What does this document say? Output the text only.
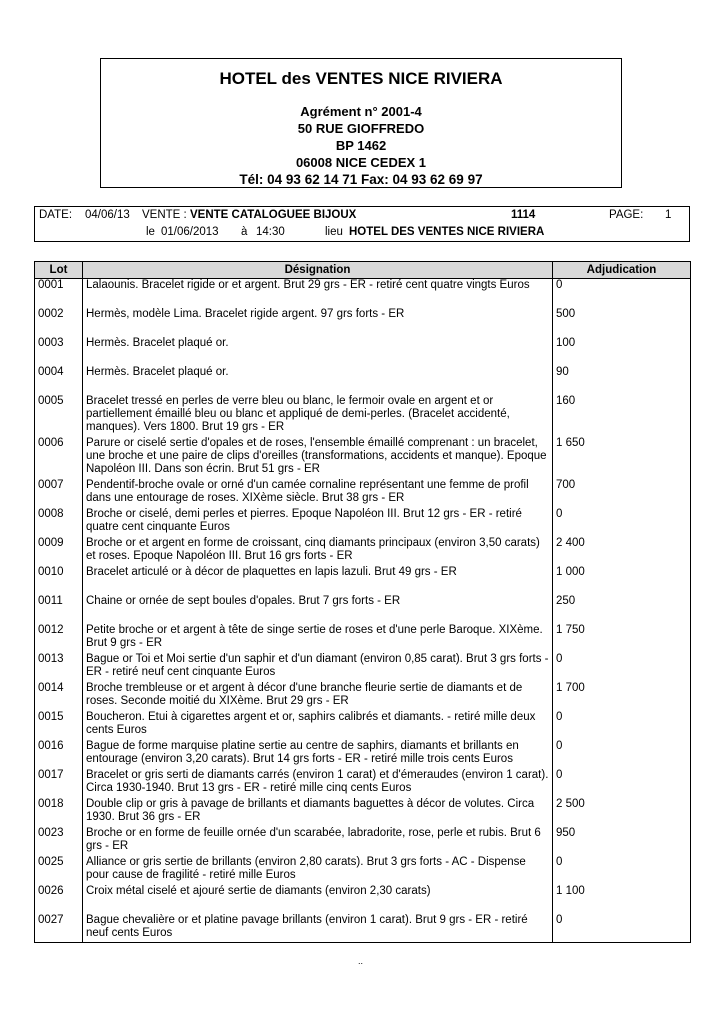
HOTEL des VENTES NICE RIVIERA
Agrément n° 2001-4
50 RUE GIOFFREDO
BP 1462
06008 NICE CEDEX 1
Tél: 04 93 62 14 71 Fax: 04 93 62 69 97
DATE: 04/06/13 VENTE : VENTE CATALOGUEE BIJOUX	1114	PAGE: 1
le 01/06/2013 à 14:30	lieu HOTEL DES VENTES NICE RIVIERA
Lot	Désignation	Adjudication
0001	Lalaounis. Bracelet rigide or et argent. Brut 29 grs - ER - retiré cent quatre vingts Euros	0
0002	Hermès, modèle Lima. Bracelet rigide argent. 97 grs forts - ER	500
0003	Hermès. Bracelet plaqué or.	100
0004	Hermès. Bracelet plaqué or.	90
0005	Bracelet tressé en perles de verre bleu ou blanc, le fermoir ovale en argent et or partiellement émaillé bleu ou blanc et appliqué de demi-perles. (Bracelet accidenté, manques). Vers 1800. Brut 19 grs - ER	160
0006	Parure or ciselé sertie d'opales et de roses, l'ensemble émaillé comprenant : un bracelet, une broche et une paire de clips d'oreilles (transformations, accidents et manque). Epoque Napoléon III. Dans son écrin. Brut 51 grs - ER	1 650
0007	Pendentif-broche ovale or orné d'un camée cornaline représentant une femme de profil dans une entourage de roses. XIXème siècle. Brut 38 grs - ER	700
0008	Broche or ciselé, demi perles et pierres. Epoque Napoléon III. Brut 12 grs - ER - retiré quatre cent cinquante Euros	0
0009	Broche or et argent en forme de croissant, cinq diamants principaux (environ 3,50 carats) et roses. Epoque Napoléon III. Brut 16 grs forts - ER	2 400
0010	Bracelet articulé or à décor de plaquettes en lapis lazuli. Brut 49 grs - ER	1 000
0011	Chaine or ornée de sept boules d'opales. Brut 7 grs forts - ER	250
0012	Petite broche or et argent à tête de singe sertie de roses et d'une perle Baroque. XIXème. Brut 9 grs - ER	1 750
0013	Bague or Toi et Moi sertie d'un saphir et d'un diamant (environ 0,85 carat). Brut 3 grs forts - ER - retiré neuf cent cinquante Euros	0
0014	Broche trembleuse or et argent à décor d'une branche fleurie sertie de diamants et de roses. Seconde moitié du XIXème. Brut 29 grs - ER	1 700
0015	Boucheron. Etui à cigarettes argent et or, saphirs calibrés et diamants. - retiré mille deux cents Euros	0
0016	Bague de forme marquise platine sertie au centre de saphirs, diamants et brillants en entourage (environ 3,20 carats). Brut 14 grs forts - ER - retiré mille trois cents Euros	0
0017	Bracelet or gris serti de diamants carrés (environ 1 carat) et d'émeraudes (environ 1 carat). Circa 1930-1940. Brut 13 grs - ER - retiré mille cinq cents Euros	0
0018	Double clip or gris à pavage de brillants et diamants baguettes à décor de volutes. Circa 1930. Brut 36 grs - ER	2 500
0023	Broche or en forme de feuille ornée d'un scarabée, labradorite, rose, perle et rubis. Brut 6 grs - ER	950
0025	Alliance or gris sertie de brillants (environ 2,80 carats). Brut 3 grs forts - AC - Dispense pour cause de fragilité - retiré mille Euros	0
0026	Croix métal ciselé et ajouré sertie de diamants (environ 2,30 carats)	1 100
0027	Bague chevalière or et platine pavage brillants (environ 1 carat). Brut 9 grs - ER - retiré neuf cents Euros	0
..
